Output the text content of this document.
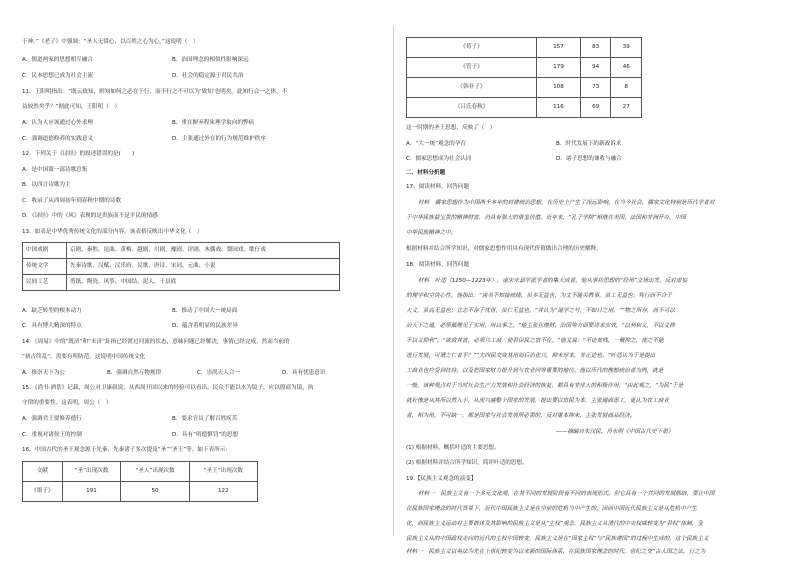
于神。”《老子》中强调：“圣人无常心，以百姓之心为心。”这说明（　）

A．儒道两家的思想相互融合	B．治国理念的相似性影响深远
C．民本思想已成为社会主流	D．社会的稳定源于君民共治

11．王阳明指出：“既云致知，则知如何之必在于行，而不行之不可以为‘致知’也明矣。此知行合一之体，不

益较然矣乎？”据此可知，王阳明（　）

A．认为人应该通过心外求理	B．重在摒弃程朱理学取向的弊病
C．强调道德修养的实践意义	D．主张通过外在的行为规范维护秩序

12．下列关于《诗经》的叙述错误的是(　　)

A．是中国第一部诗歌总集
B．以四言诗歌为主
C．收录了从西周初年到春秋中期的诗歌
D．《诗经》中的《风》表现的是贵族而不是平民的情感

13．如表是中华优秀传统文化的部分内容。该表格反映出中华文化（　）

中国戏剧	京剧、秦腔、昆曲、黄梅、越剧、川剧、豫剧、评剧、木偶戏、梨园戏、歌仔戏
传统文学	先秦诗歌、汉赋、汉乐府、民歌、唐诗、宋词、元曲、小说
民间工艺	剪纸、陶瓷、风筝、中国结、泥人、千层底
A．缺乏转型的根本动力	B．推动了中国大一统局面
C．具有博大精深的特点	D．蕴含着明显的民族差异

14．《周易》中的“既济”和“未济”卦指已经渡过河流的状态，意味问题已经解决，事情已经完成，然而当前的

“初吉终乱”，需要有所防范。这说明中国传统文化

A．推崇天下为公	B．强调自然万物规律	C．崇尚天人合一	D．具有忧患意识

15．《尚书·酒诰》记载，周公对卫康叔说，从西周开国以来的经验可以看出，民众不能以水为镜子，应以殷商为镜，执

守律的重要性。这表明，周公（　）

A．强调君王要修养德行	B．要求官员了解百姓疾苦
C．重视对诸侯王的控制	D．具有“明德慎罚”的思想

16．中国古代的圣王观念源于先秦，先秦诸子多次提及“圣”“圣王”等。如下表所示：

文献	“圣”出现次数	“圣人”出现次数	“圣王”出现次数
《墨子》	191	50	122
《荀子》	157	83	39
《管子》	179	94	46
《韩非子》	108	73	8
《吕氏春秋》	116	69	27

这一时期的圣王思想，反映了（　）

A．“大一统”观念的孕育	B．时代发展下的新政诉求
C．儒家思想成为社会认同	D．诸子思想的兼收与融合

二、材料分析题

17．阅读材料，回答问题

材料　儒家思想作为中国两千多年的封建统治思想，在历史上产生了深远影响。在当今社会，儒家文化特别是历代学者对

于中华民族最宝贵的精神财富，仍具有强大的借鉴价值。近年来，“孔子学院”相继在美国、法国和非洲开办，中国

中华民族精神之中。

根据材料并结合所学知识，对儒家思想作用具有现代价值做出合理的历史解释。

18．阅读材料，回答问题

材料　叶适（1150—1223年），南宋永嘉学派学者的集大成者。他从事功思想的“经用”立场出发，反对虚妄

的理学和空谈心性。他指出：“读书不知接统绪，虽多无益也；为文不能关教事，虽工无益也；笃行而不合于

大义，虽高无益也；立志不存于忧世，虽仁无益也。”并认为“道学之号，不如日之用。”“物之所存，而不可以

治天下之道，必须循理见于实用，用以事之。”他主张在理财、治国等方面要讲求实效，“以利和义，不以义抑

不以义抑利”。“欲致其富，必须兴工商，使君臣民之富不在。”他又说：“不论贫贱，一概抑之，使之不能

进行发展，可谓之仁者乎？”“夫四民交致其用而后治化兴，抑末厚本，非正论也。”叶适认为于是提出

工商业也应受到扶持，以及把国家财力提升到与农业同等重要的地位。他以历代的理想统治者为例，就是

一般，该种观点对于当时社会生产力发展和社会经济的恢复，都具有非常大的积极作用，“由此观之，“为民”于是

就好像是从其所以然入手，从而兴盛整个国家的发展，提出要以富民为本，主张通商惠工，更认为农工商业

者，相为用，不可缺一，都是国家与社会发展所必需的，反对重本抑末，主张发展商品经济。

——摘编自朱汉民、肖永明《中国古代史下册》

(1) 根据材料，概括叶适的主要思想。

(2) 根据材料并结合所学知识，简评叶适的思想。

19.【民族主义观念的演变】

材料一　民族主义有一个多元文化观，在其不同的发展阶段有不同的表现形式。但它具有一个共同的发展脉络，要让中国

在民族国家理念的时代背景下，近代中国民族主义是在空前的危机当中产生的，因而中国近代民族主义是从危机中产生

化，而民族主义运动对主要群体及其影响的民族主义是从“主权”观念，民族主义从清代的中央权威转变为“君权”体制，及

民族主义从的中国政权走向的近代的主权中国转变，民族主义是在“国家主权”与“民族建国”的过程中生成的，这个民族主义

材料一　民族主义以英法为先在上世纪转变为以来新的国际体系，在民族国家理念的时代，世纪之交“古人国之法，行之为
